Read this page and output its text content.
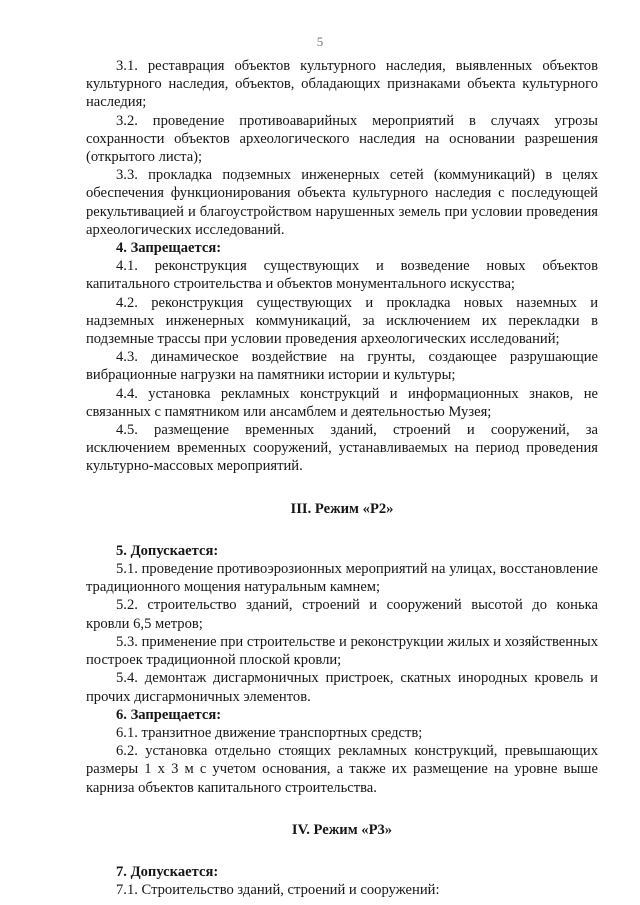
5

3.1. реставрация объектов культурного наследия, выявленных объектов культурного наследия, объектов, обладающих признаками объекта культурного наследия;

3.2. проведение противоаварийных мероприятий в случаях угрозы сохранности объектов археологического наследия на основании разрешения (открытого листа);

3.3. прокладка подземных инженерных сетей (коммуникаций) в целях обеспечения функционирования объекта культурного наследия с последующей рекультивацией и благоустройством нарушенных земель при условии проведения археологических исследований.

4. Запрещается:

4.1. реконструкция существующих и возведение новых объектов капитального строительства и объектов монументального искусства;

4.2. реконструкция существующих и прокладка новых наземных и надземных инженерных коммуникаций, за исключением их перекладки в подземные трассы при условии проведения археологических исследований;

4.3. динамическое воздействие на грунты, создающее разрушающие вибрационные нагрузки на памятники истории и культуры;

4.4. установка рекламных конструкций и информационных знаков, не связанных с памятником или ансамблем и деятельностью Музея;

4.5. размещение временных зданий, строений и сооружений, за исключением временных сооружений, устанавливаемых на период проведения культурно-массовых мероприятий.

III. Режим «Р2»

5. Допускается:

5.1. проведение противоэрозионных мероприятий на улицах, восстановление традиционного мощения натуральным камнем;

5.2. строительство зданий, строений и сооружений высотой до конька кровли 6,5 метров;

5.3. применение при строительстве и реконструкции жилых и хозяйственных построек традиционной плоской кровли;

5.4. демонтаж дисгармоничных пристроек, скатных инородных кровель и прочих дисгармоничных элементов.

6. Запрещается:

6.1. транзитное движение транспортных средств;

6.2. установка отдельно стоящих рекламных конструкций, превышающих размеры 1 х 3 м с учетом основания, а также их размещение на уровне выше карниза объектов капитального строительства.

IV. Режим «Р3»

7. Допускается:

7.1. Строительство зданий, строений и сооружений:
